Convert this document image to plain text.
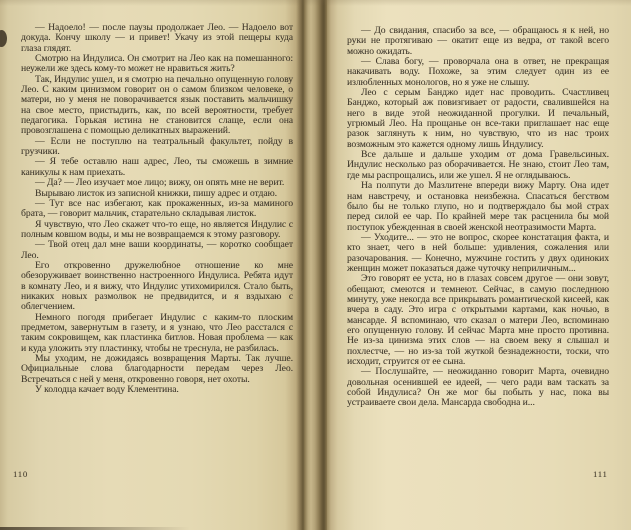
— Надоело! — после паузы продолжает Лео. — Надоело вот докуда. Кончу школу — и привет! Укачу из этой пещеры куда глаза глядят.

Смотрю на Индулиса. Он смотрит на Лео как на помешанного: неужели же здесь кому-то может не нравиться жить?

Так, Индулис ушел, и я смотрю на печально опущенную голову Лео. С каким цинизмом говорит он о самом близком человеке, о матери, но у меня не поворачивается язык поставить мальчишку на свое место, пристыдить, как, по всей вероятности, требует педагогика. Горькая истина не становится слаще, если она провозглашена с помощью деликатных выражений.

— Если не поступлю на театральный факультет, пойду в грузчики.

— Я тебе оставлю наш адрес, Лео, ты сможешь в зимние каникулы к нам приехать.

— Да? — Лео изучает мое лицо; вижу, он опять мне не верит.

Вырываю листок из записной книжки, пишу адрес и отдаю.

— Тут все нас избегают, как прокаженных, из-за маминого брата, — говорит мальчик, старательно складывая листок.

Я чувствую, что Лео скажет что-то еще, но является Индулис с полным ковшом воды, и мы не возвращаемся к этому разговору.

— Твой отец дал мне ваши координаты, — коротко сообщает Лео.

Его откровенно дружелюбное отношение ко мне обезоруживает воинственно настроенного Индулиса. Ребята идут в комнату Лео, и я вижу, что Индулис утихомирился. Стало быть, никаких новых размолвок не предвидится, и я вздыхаю с облегчением.

Немного погодя прибегает Индулис с каким-то плоским предметом, завернутым в газету, и я узнаю, что Лео расстался с таким сокровищем, как пластинка битлов. Новая проблема — как и куда уложить эту пластинку, чтобы не треснула, не разбилась.

Мы уходим, не дожидаясь возвращения Марты. Так лучше. Официальные слова благодарности передам через Лео. Встречаться с ней у меня, откровенно говоря, нет охоты.

У колодца качает воду Клементина.

110

— До свидания, спасибо за все, — обращаюсь я к ней, но руки не протягиваю — окатит еще из ведра, от такой всего можно ожидать.

— Слава богу, — проворчала она в ответ, не прекращая накачивать воду. Похоже, за этим следует один из ее излюбленных монологов, но я уже не слышу.

Лео с серым Банджо идет нас проводить. Счастливец Банджо, который аж повизгивает от радости, свалившейся на него в виде этой неожиданной прогулки. И печальный, угрюмый Лео. На прощанье он все-таки приглашает нас еще разок заглянуть к ним, но чувствую, что из нас троих возможным это кажется одному лишь Индулису.

Все дальше и дальше уходим от дома Гравельсиных. Индулис несколько раз оборачивается. Не знаю, стоит Лео там, где мы распрощались, или же ушел. Я не оглядываюсь.

На полпути до Мазлитене впереди вижу Марту. Она идет нам навстречу, и остановка неизбежна. Спасаться бегством было бы не только глупо, но и подтверждало бы мой страх перед силой ее чар. По крайней мере так расценила бы мой поступок убежденная в своей женской неотразимости Марта.

— Ухо́дите... — это не вопрос, скорее констатация факта, и кто знает, чего в ней больше: удивления, сожаления или разочарования. — Конечно, мужчине гостить у двух одиноких женщин может показаться даже чуточку неприличным...

Это говорят ее уста, но в глазах совсем другое — они зовут, обещают, смеются и темнеют. Сейчас, в самую последнюю минуту, уже некогда все прикрывать романтической кисеей, как вчера в саду. Это игра с открытыми картами, как ночью, в мансарде. Я вспоминаю, что сказал о матери Лео, вспоминаю его опущенную голову. И сейчас Марта мне просто противна. Не из-за цинизма этих слов — на своем веку я слышал и похлестче, — но из-за той жуткой безнадежности, тоски, что исходит, струится от ее сына.

— Послушайте, — неожиданно говорит Марта, очевидно довольная осенившей ее идеей, — чего ради вам таскать за собой Индулиса? Он же мог бы побыть у нас, пока вы устраиваете свои дела. Мансарда свободна и...

111
